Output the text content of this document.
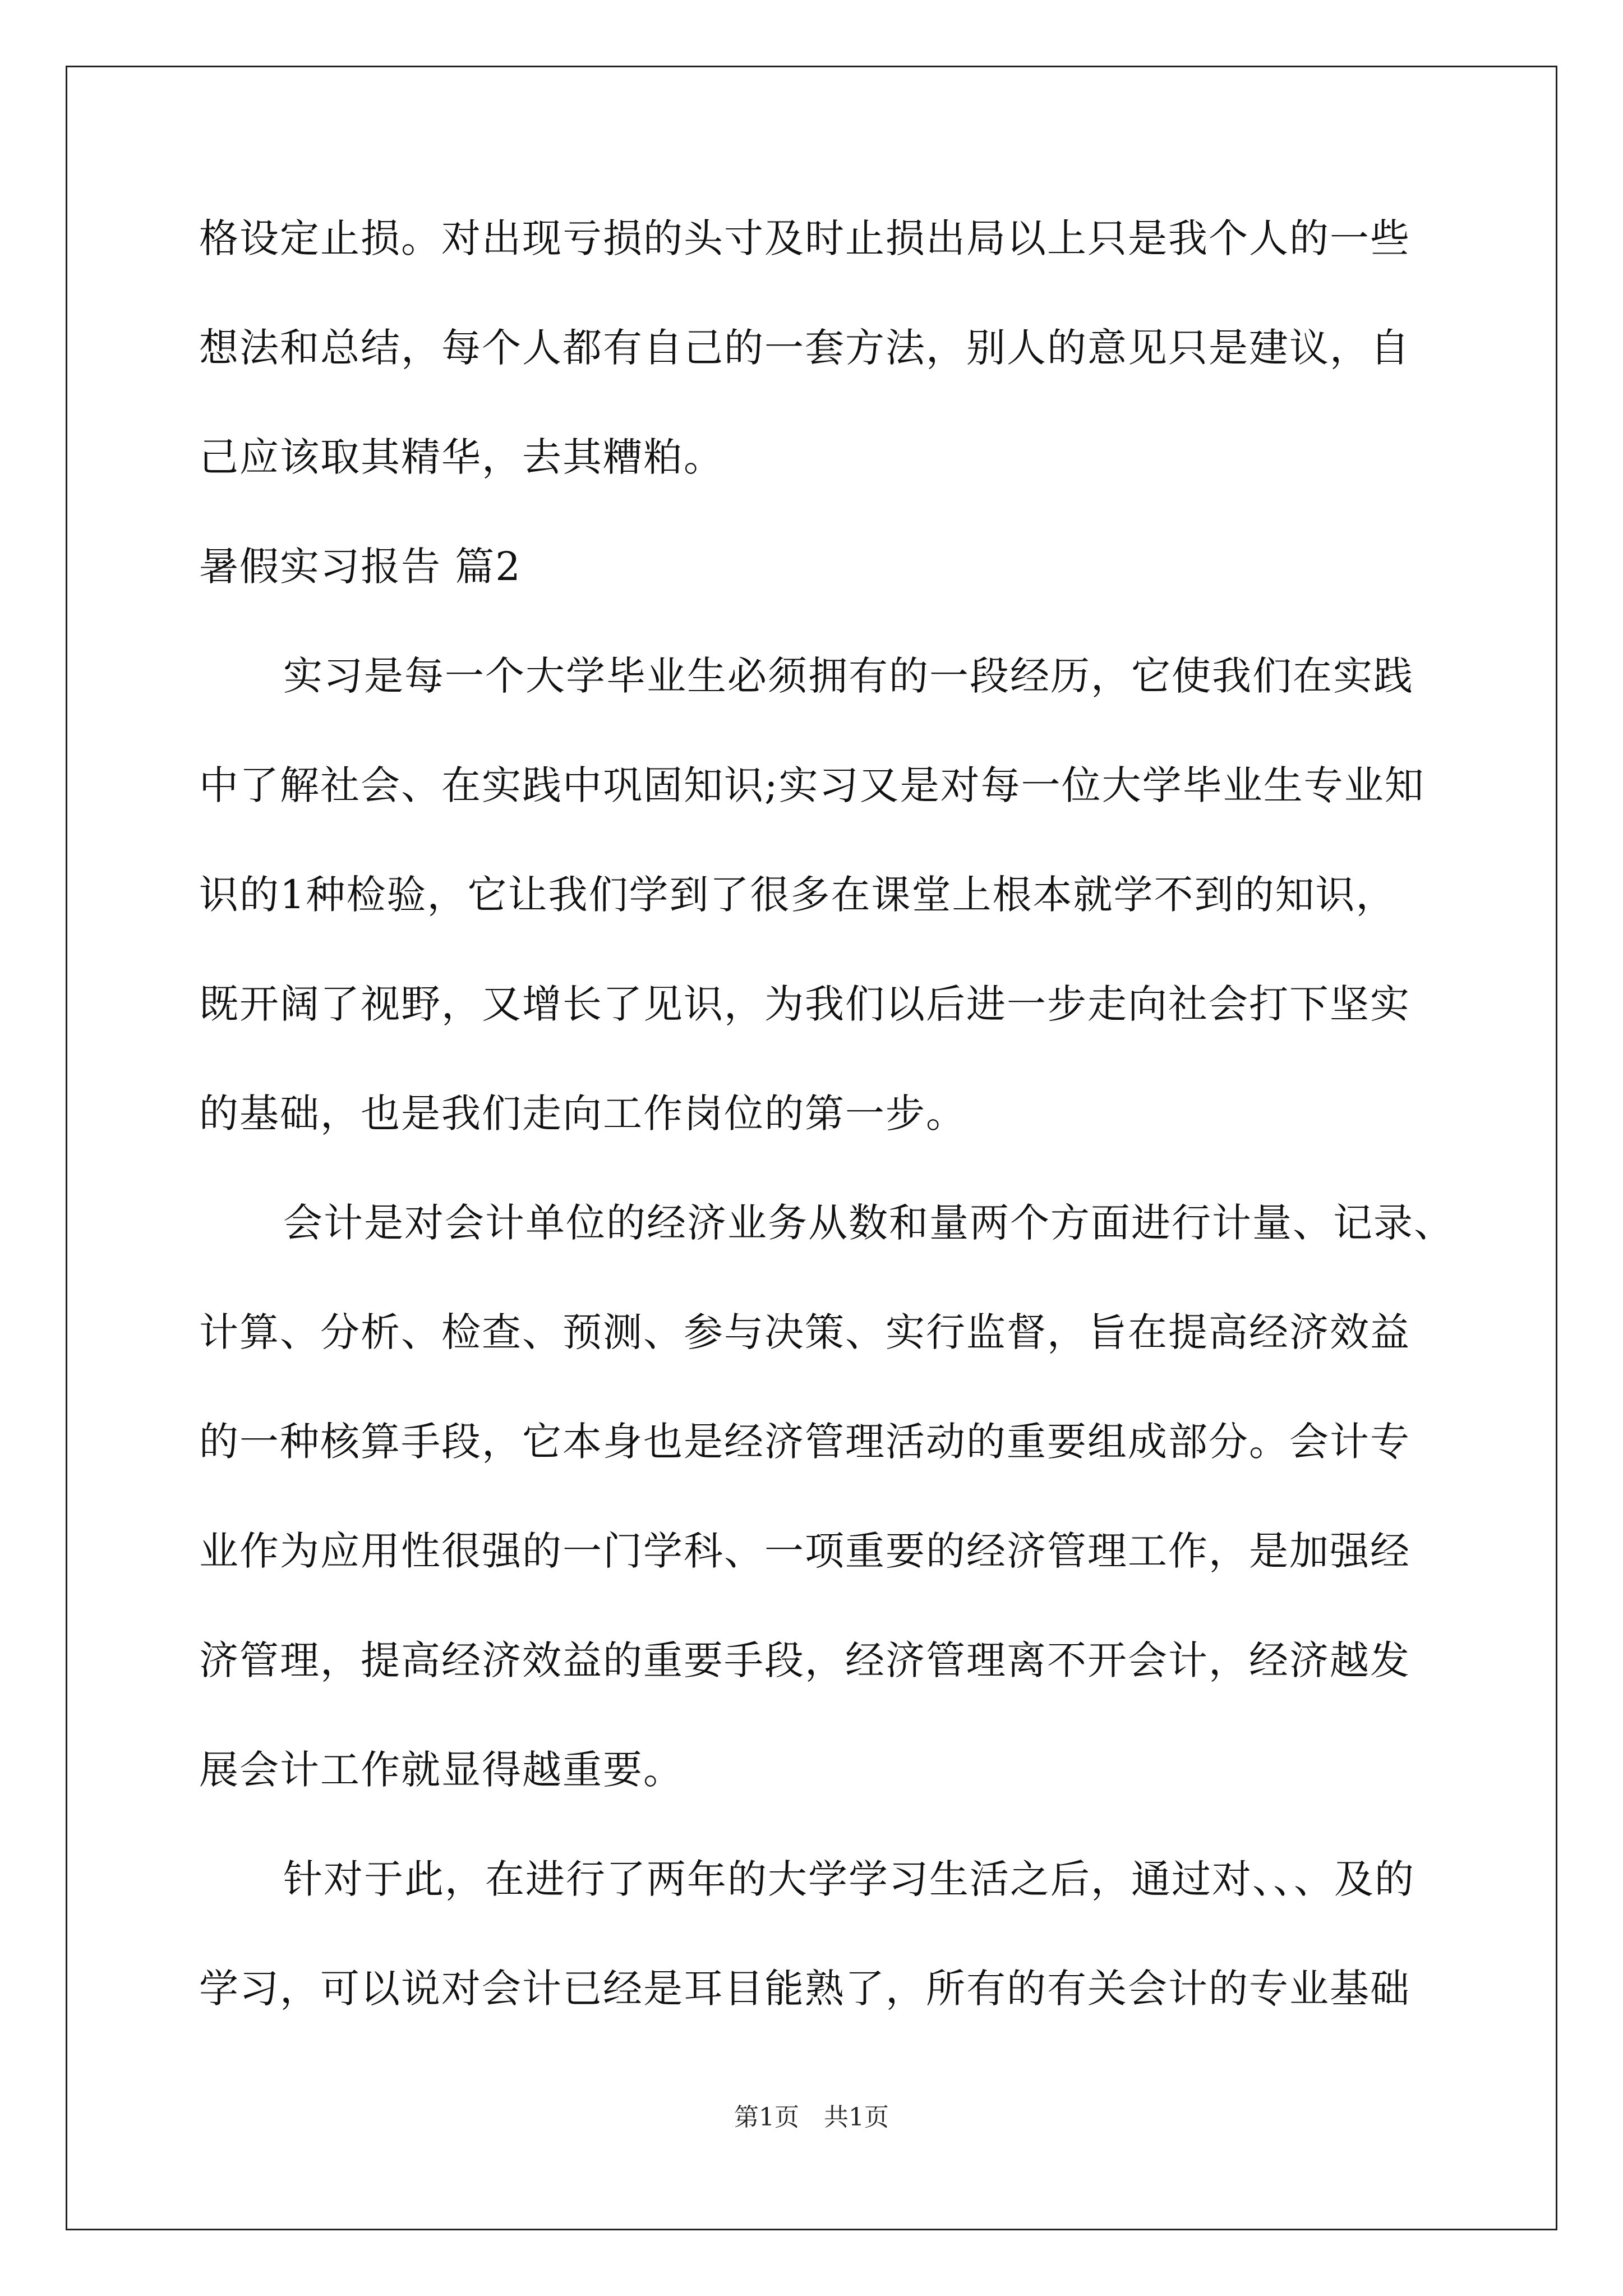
格设定止损。对出现亏损的头寸及时止损出局以上只是我个人的一些
想法和总结，每个人都有自己的一套方法，别人的意见只是建议，自
己应该取其精华，去其糟粕。
暑假实习报告 篇2
实习是每一个大学毕业生必须拥有的一段经历，它使我们在实践
中了解社会、在实践中巩固知识;实习又是对每一位大学毕业生专业知
识的1种检验，它让我们学到了很多在课堂上根本就学不到的知识，
既开阔了视野，又增长了见识，为我们以后进一步走向社会打下坚实
的基础，也是我们走向工作岗位的第一步。
会计是对会计单位的经济业务从数和量两个方面进行计量、记录、
计算、分析、检查、预测、参与决策、实行监督，旨在提高经济效益
的一种核算手段，它本身也是经济管理活动的重要组成部分。会计专
业作为应用性很强的一门学科、一项重要的经济管理工作，是加强经
济管理，提高经济效益的重要手段，经济管理离不开会计，经济越发
展会计工作就显得越重要。
针对于此，在进行了两年的大学学习生活之后，通过对、、、及的
学习，可以说对会计已经是耳目能熟了，所有的有关会计的专业基础
第1页　共1页
